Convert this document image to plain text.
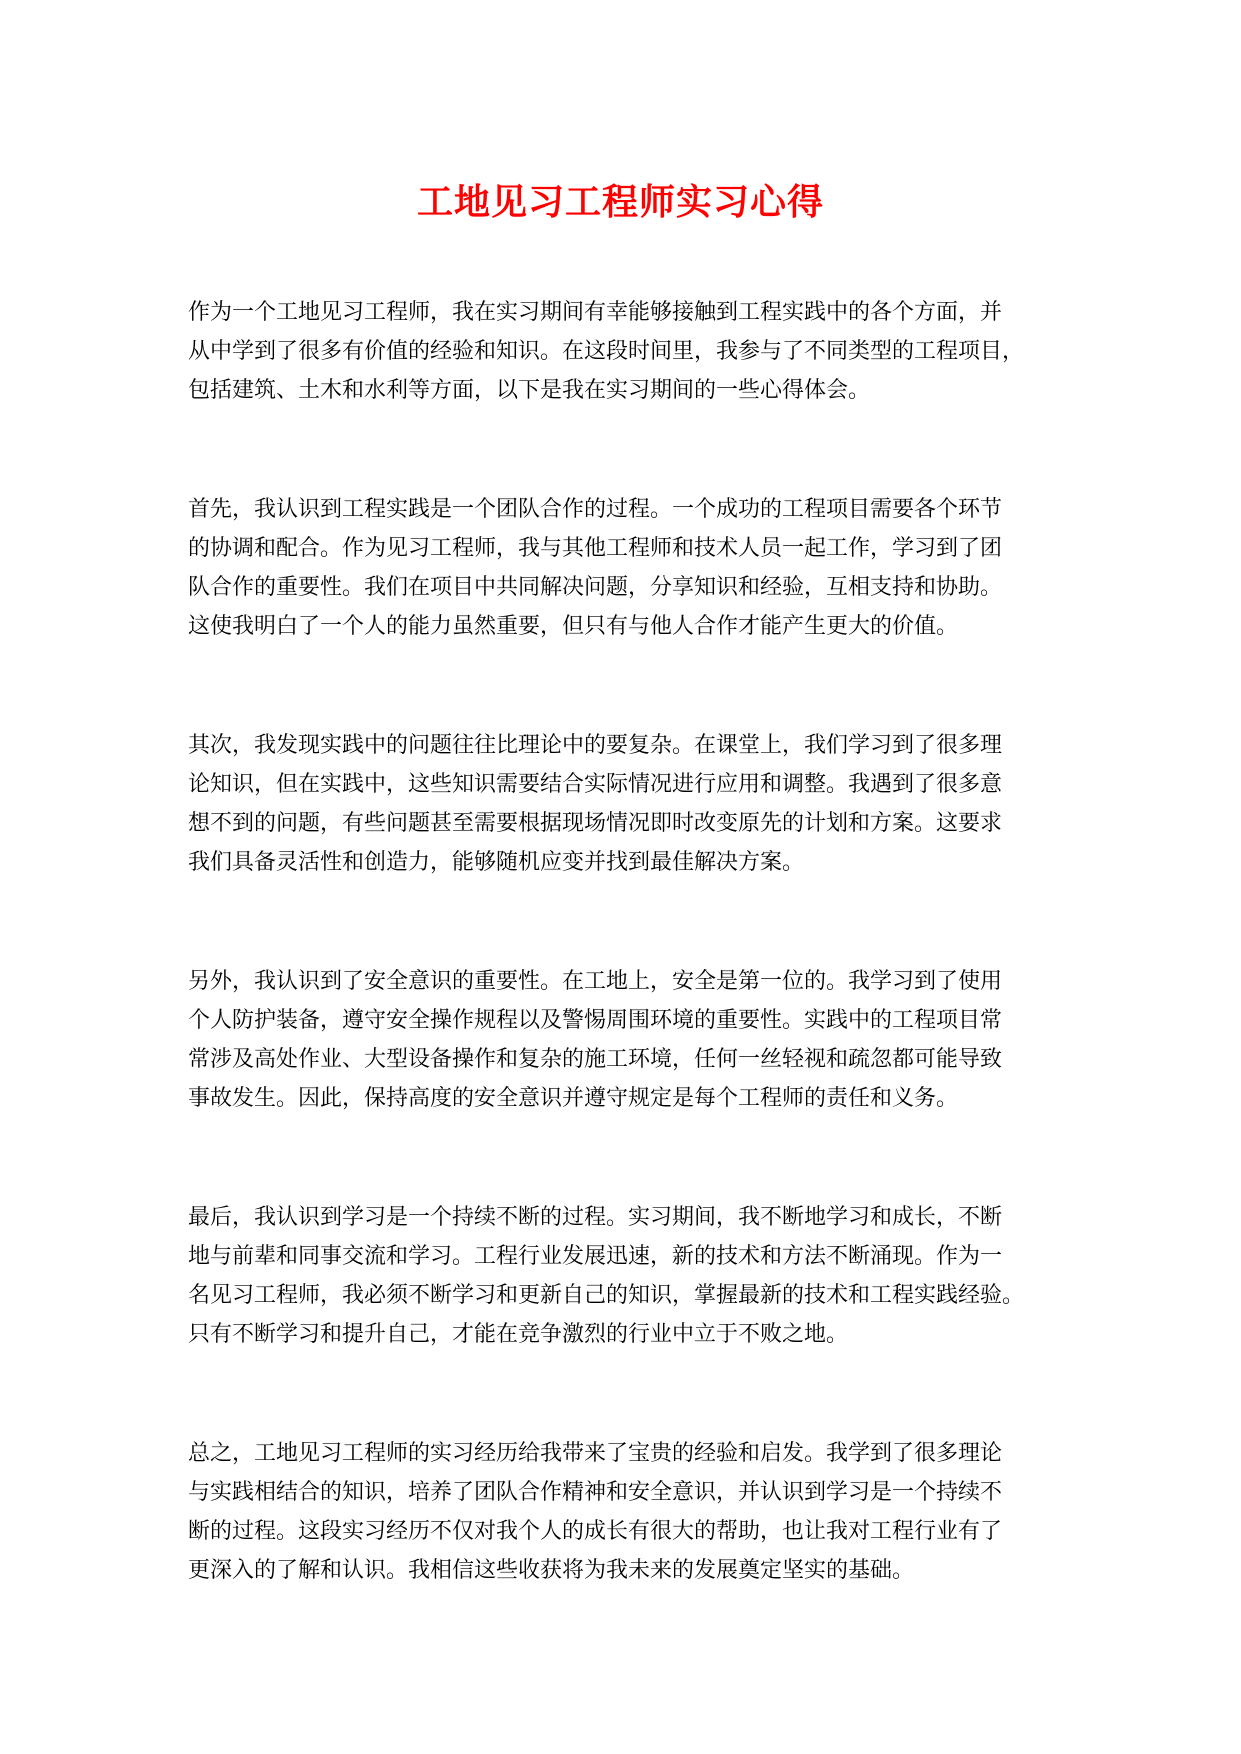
工地见习工程师实习心得

作为一个工地见习工程师，我在实习期间有幸能够接触到工程实践中的各个方面，并
从中学到了很多有价值的经验和知识。在这段时间里，我参与了不同类型的工程项目，
包括建筑、土木和水利等方面，以下是我在实习期间的一些心得体会。

首先，我认识到工程实践是一个团队合作的过程。一个成功的工程项目需要各个环节
的协调和配合。作为见习工程师，我与其他工程师和技术人员一起工作，学习到了团
队合作的重要性。我们在项目中共同解决问题，分享知识和经验，互相支持和协助。
这使我明白了一个人的能力虽然重要，但只有与他人合作才能产生更大的价值。

其次，我发现实践中的问题往往比理论中的要复杂。在课堂上，我们学习到了很多理
论知识，但在实践中，这些知识需要结合实际情况进行应用和调整。我遇到了很多意
想不到的问题，有些问题甚至需要根据现场情况即时改变原先的计划和方案。这要求
我们具备灵活性和创造力，能够随机应变并找到最佳解决方案。

另外，我认识到了安全意识的重要性。在工地上，安全是第一位的。我学习到了使用
个人防护装备，遵守安全操作规程以及警惕周围环境的重要性。实践中的工程项目常
常涉及高处作业、大型设备操作和复杂的施工环境，任何一丝轻视和疏忽都可能导致
事故发生。因此，保持高度的安全意识并遵守规定是每个工程师的责任和义务。

最后，我认识到学习是一个持续不断的过程。实习期间，我不断地学习和成长，不断
地与前辈和同事交流和学习。工程行业发展迅速，新的技术和方法不断涌现。作为一
名见习工程师，我必须不断学习和更新自己的知识，掌握最新的技术和工程实践经验。
只有不断学习和提升自己，才能在竞争激烈的行业中立于不败之地。

总之，工地见习工程师的实习经历给我带来了宝贵的经验和启发。我学到了很多理论
与实践相结合的知识，培养了团队合作精神和安全意识，并认识到学习是一个持续不
断的过程。这段实习经历不仅对我个人的成长有很大的帮助，也让我对工程行业有了
更深入的了解和认识。我相信这些收获将为我未来的发展奠定坚实的基础。
